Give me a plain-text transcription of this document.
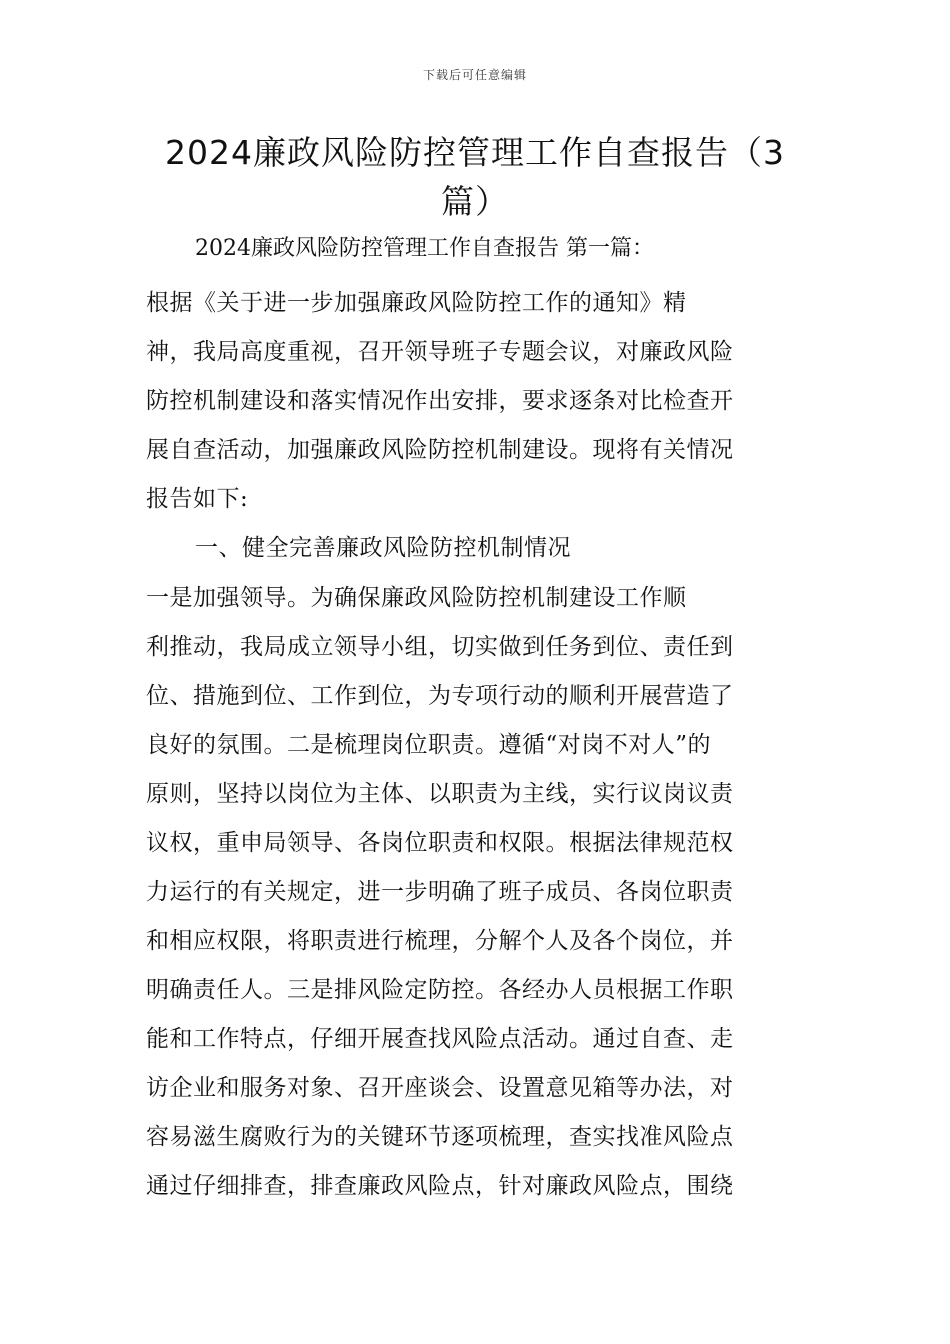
下载后可任意编辑
2024廉政风险防控管理工作自查报告（3
篇）
2024廉政风险防控管理工作自查报告 第一篇：

根据《关于进一步加强廉政风险防控工作的通知》精

神，我局高度重视，召开领导班子专题会议，对廉政风险

防控机制建设和落实情况作出安排，要求逐条对比检查开

展自查活动，加强廉政风险防控机制建设。现将有关情况

报告如下:

一、健全完善廉政风险防控机制情况

一是加强领导。为确保廉政风险防控机制建设工作顺

利推动，我局成立领导小组，切实做到任务到位、责任到

位、措施到位、工作到位，为专项行动的顺利开展营造了

良好的氛围。二是梳理岗位职责。遵循“对岗不对人”的

原则，坚持以岗位为主体、以职责为主线，实行议岗议责

议权，重申局领导、各岗位职责和权限。根据法律规范权

力运行的有关规定，进一步明确了班子成员、各岗位职责

和相应权限，将职责进行梳理，分解个人及各个岗位，并

明确责任人。三是排风险定防控。各经办人员根据工作职

能和工作特点，仔细开展查找风险点活动。通过自查、走

访企业和服务对象、召开座谈会、设置意见箱等办法，对

容易滋生腐败行为的关键环节逐项梳理，查实找准风险点

通过仔细排查，排查廉政风险点，针对廉政风险点，围绕
